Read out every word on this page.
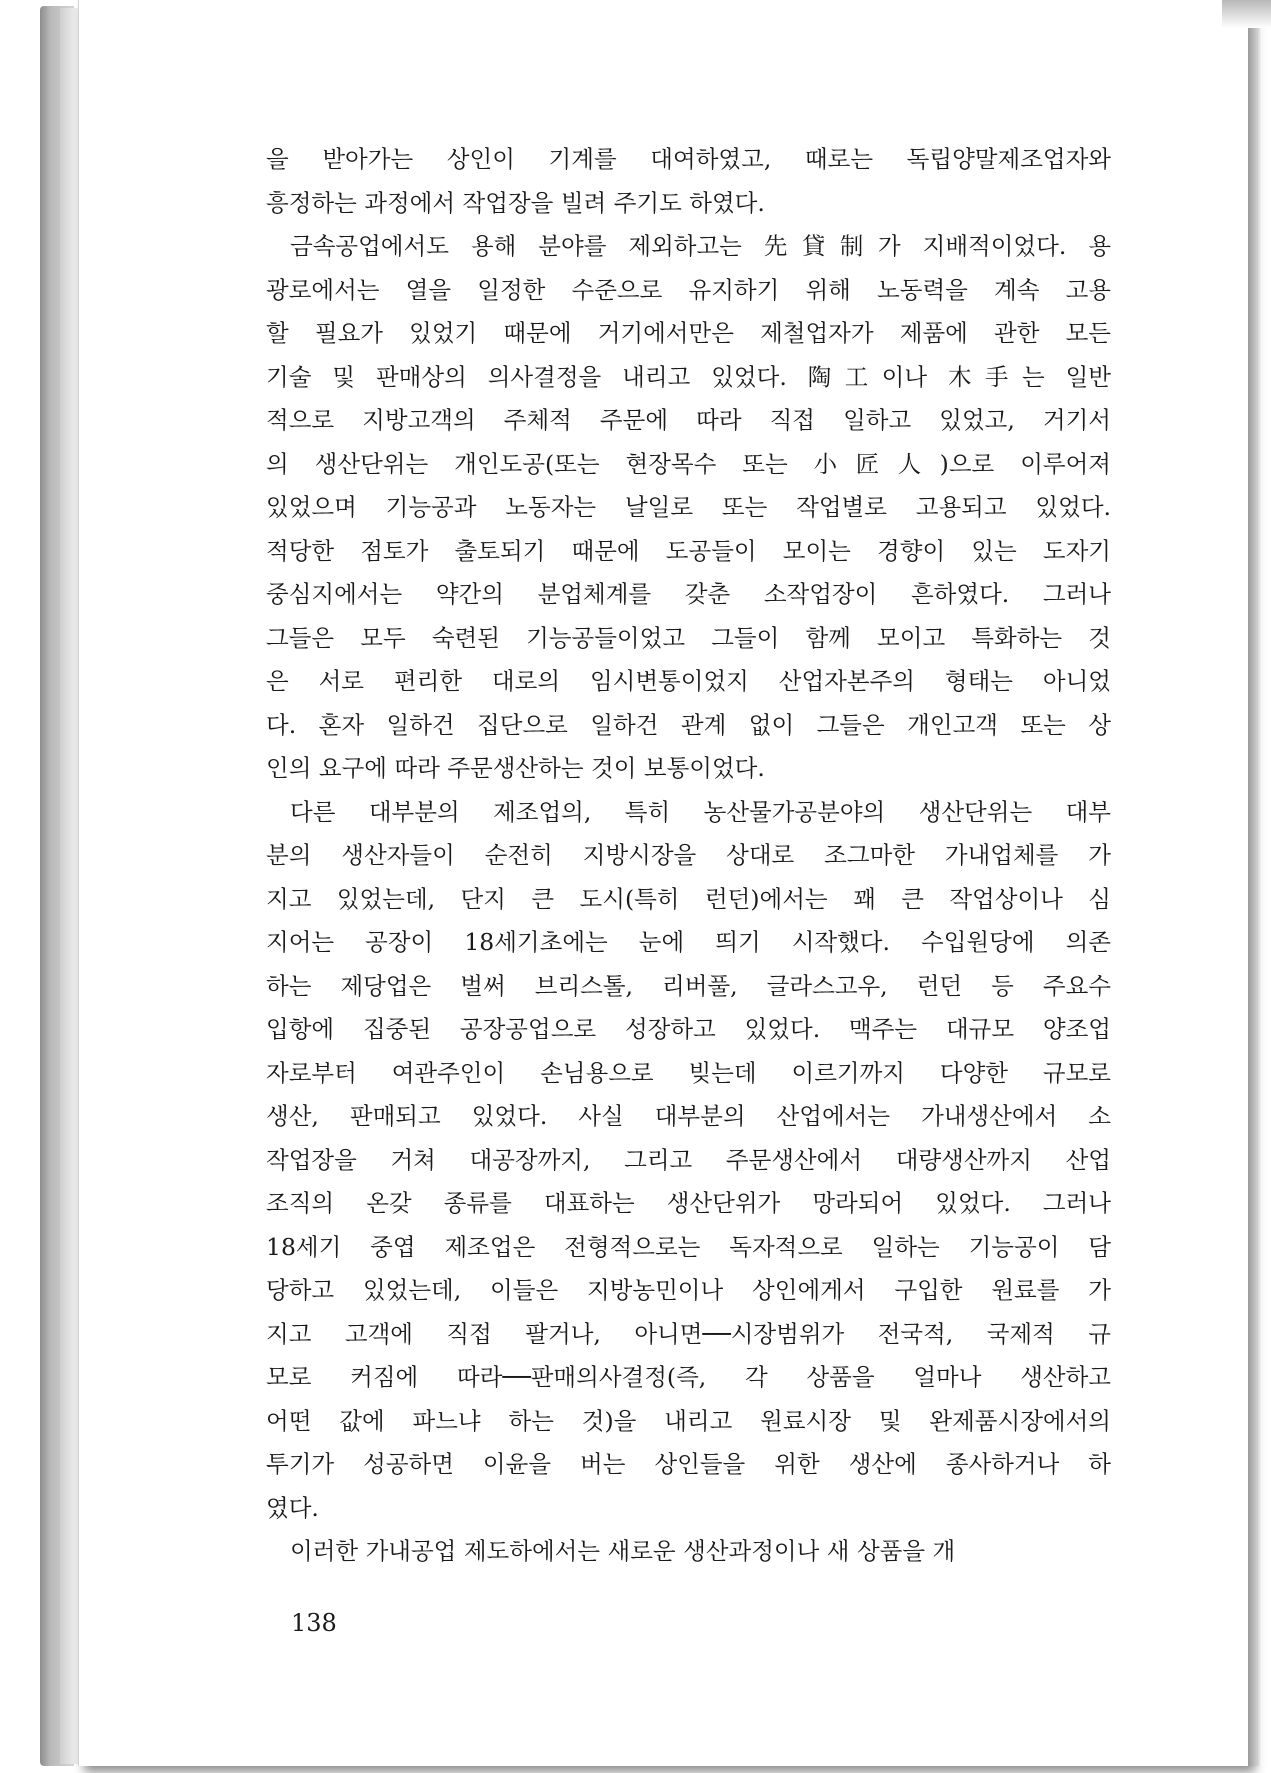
을 받아가는 상인이 기계를 대여하였고, 때로는 독립양말제조업자와
흥정하는 과정에서 작업장을 빌려 주기도 하였다.
금속공업에서도 용해 분야를 제외하고는 先貸制가 지배적이었다. 용
광로에서는 열을 일정한 수준으로 유지하기 위해 노동력을 계속 고용
할 필요가 있었기 때문에 거기에서만은 제철업자가 제품에 관한 모든
기술 및 판매상의 의사결정을 내리고 있었다. 陶工이나 木手는 일반
적으로 지방고객의 주체적 주문에 따라 직접 일하고 있었고, 거기서
의 생산단위는 개인도공(또는 현장목수 또는 小匠人)으로 이루어져
있었으며 기능공과 노동자는 날일로 또는 작업별로 고용되고 있었다.
적당한 점토가 출토되기 때문에 도공들이 모이는 경향이 있는 도자기
중심지에서는 약간의 분업체계를 갖춘 소작업장이 흔하였다. 그러나
그들은 모두 숙련된 기능공들이었고 그들이 함께 모이고 특화하는 것
은 서로 편리한 대로의 임시변통이었지 산업자본주의 형태는 아니었
다. 혼자 일하건 집단으로 일하건 관계 없이 그들은 개인고객 또는 상
인의 요구에 따라 주문생산하는 것이 보통이었다.
다른 대부분의 제조업의, 특히 농산물가공분야의 생산단위는 대부
분의 생산자들이 순전히 지방시장을 상대로 조그마한 가내업체를 가
지고 있었는데, 단지 큰 도시(특히 런던)에서는 꽤 큰 작업상이나 심
지어는 공장이 18세기초에는 눈에 띄기 시작했다. 수입원당에 의존
하는 제당업은 벌써 브리스톨, 리버풀, 글라스고우, 런던 등 주요수
입항에 집중된 공장공업으로 성장하고 있었다. 맥주는 대규모 양조업
자로부터 여관주인이 손님용으로 빚는데 이르기까지 다양한 규모로
생산, 판매되고 있었다. 사실 대부분의 산업에서는 가내생산에서 소
작업장을 거쳐 대공장까지, 그리고 주문생산에서 대량생산까지 산업
조직의 온갖 종류를 대표하는 생산단위가 망라되어 있었다. 그러나
18세기 중엽 제조업은 전형적으로는 독자적으로 일하는 기능공이 담
당하고 있었는데, 이들은 지방농민이나 상인에게서 구입한 원료를 가
지고 고객에 직접 팔거나, 아니면──시장범위가 전국적, 국제적 규
모로 커짐에 따라──판매의사결정(즉, 각 상품을 얼마나 생산하고
어떤 값에 파느냐 하는 것)을 내리고 원료시장 및 완제품시장에서의
투기가 성공하면 이윤을 버는 상인들을 위한 생산에 종사하거나 하
였다.
이러한 가내공업 제도하에서는 새로운 생산과정이나 새 상품을 개
138
